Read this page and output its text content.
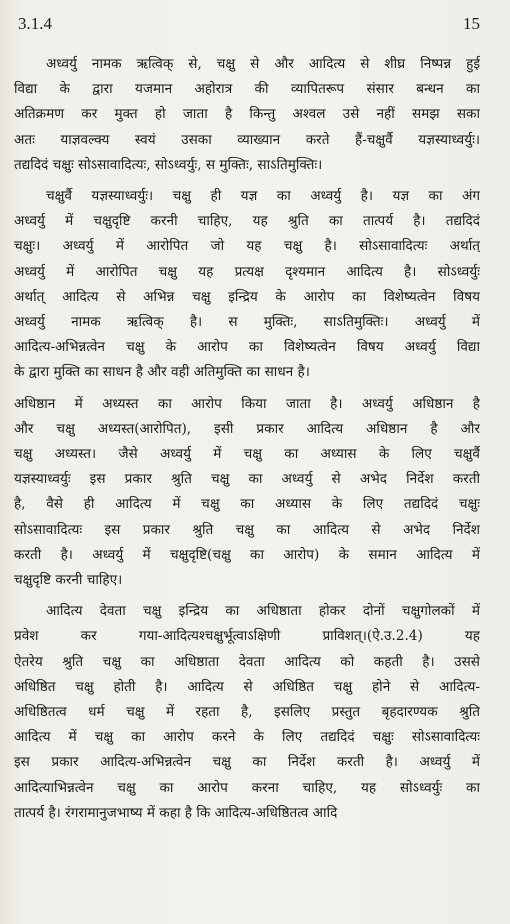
3.1.4	15

अध्वर्यु नामक ऋत्विक् से, चक्षु से और आदित्य से शीघ्र निष्पन्न हुई
विद्या के द्वारा यजमान अहोरात्र की व्यापितरूप संसार बन्धन का
अतिक्रमण कर मुक्त हो जाता है किन्तु अश्वल उसे नहीं समझ सका
अतः याज्ञवल्क्य स्वयं उसका व्याख्यान करते हैं-चक्षुर्वै यज्ञस्याध्वर्युः।
तद्यदिदं चक्षुः सोऽसावादित्यः, सोऽध्वर्युः, स मुक्तिः, साऽतिमुक्तिः।

चक्षुर्वै यज्ञस्याध्वर्युः। चक्षु ही यज्ञ का अध्वर्यु है। यज्ञ का अंग
अध्वर्यु में चक्षुदृष्टि करनी चाहिए, यह श्रुति का तात्पर्य है। तद्यदिदं
चक्षुः। अध्वर्यु में आरोपित जो यह चक्षु है। सोऽसावादित्यः अर्थात्
अध्वर्यु में आरोपित चक्षु यह प्रत्यक्ष दृश्यमान आदित्य है। सोऽध्वर्युः
अर्थात् आदित्य से अभिन्न चक्षु इन्द्रिय के आरोप का विशेष्यत्वेन विषय
अध्वर्यु नामक ऋत्विक् है। स मुक्तिः, साऽतिमुक्तिः। अध्वर्यु में
आदित्य-अभिन्नत्वेन चक्षु के आरोप का विशेष्यत्वेन विषय अध्वर्यु विद्या
के द्वारा मुक्ति का साधन है और वही अतिमुक्ति का साधन है।

अधिष्ठान में अध्यस्त का आरोप किया जाता है। अध्वर्यु अधिष्ठान है
और चक्षु अध्यस्त(आरोपित), इसी प्रकार आदित्य अधिष्ठान है और
चक्षु अध्यस्त। जैसे अध्वर्यु में चक्षु का अध्यास के लिए चक्षुर्वै
यज्ञस्याध्वर्युः इस प्रकार श्रुति चक्षु का अध्वर्यु से अभेद निर्देश करती
है, वैसे ही आदित्य में चक्षु का अध्यास के लिए तद्यदिदं चक्षुः
सोऽसावादित्यः इस प्रकार श्रुति चक्षु का आदित्य से अभेद निर्देश
करती है। अध्वर्यु में चक्षुदृष्टि(चक्षु का आरोप) के समान आदित्य में
चक्षुदृष्टि करनी चाहिए।

आदित्य देवता चक्षु इन्द्रिय का अधिष्ठाता होकर दोनों चक्षुगोलकों में
प्रवेश कर गया-आदित्यश्चक्षुर्भूत्वाऽक्षिणी प्राविशत्।(ऐ.उ.2.4) यह
ऐतरेय श्रुति चक्षु का अधिष्ठाता देवता आदित्य को कहती है। उससे
अधिष्ठित चक्षु होती है। आदित्य से अधिष्ठित चक्षु होने से आदित्य-
अधिष्ठितत्व धर्म चक्षु में रहता है, इसलिए प्रस्तुत बृहदारण्यक श्रुति
आदित्य में चक्षु का आरोप करने के लिए तद्यदिदं चक्षुः सोऽसावादित्यः
इस प्रकार आदित्य-अभिन्नत्वेन चक्षु का निर्देश करती है। अध्वर्यु में
आदित्याभिन्नत्वेन चक्षु का आरोप करना चाहिए, यह सोऽध्वर्युः का
तात्पर्य है। रंगरामानुजभाष्य में कहा है कि आदित्य-अधिष्ठितत्व आदि
